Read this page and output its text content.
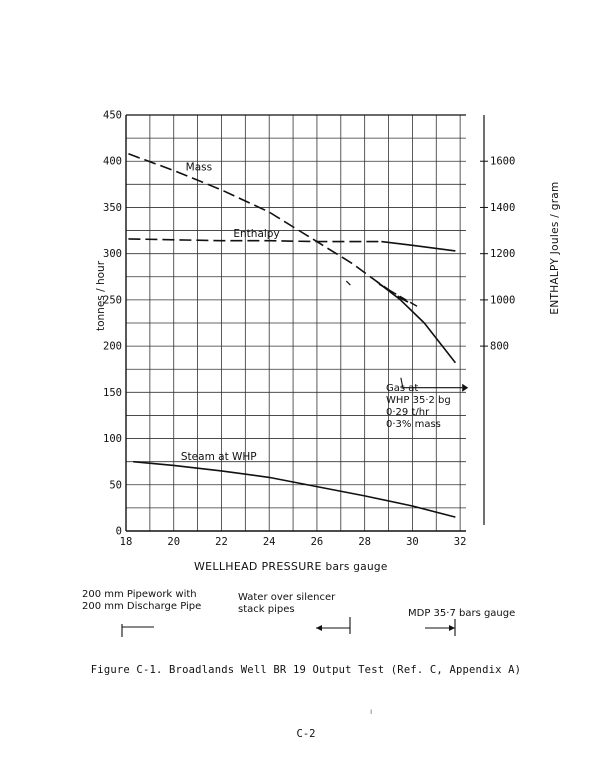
0
50
100
150
200
250
300
350
400
450
800
1000
1200
1400
1600
18	20	22	24	26	28	30	32
Mass
Enthalpy
Steam at WHP
tonnes / hour	ENTHALPY Joules / gram
WELLHEAD PRESSURE bars gauge
Gas at
WHP 35·2 bg
0·29 t/hr
0·3% mass
200 mm Pipework with
200 mm Discharge Pipe
Water over silencer
stack pipes	MDP 35·7 bars gauge
Figure C-1. Broadlands Well BR 19 Output Test (Ref. C, Appendix A)
ı
C-2
